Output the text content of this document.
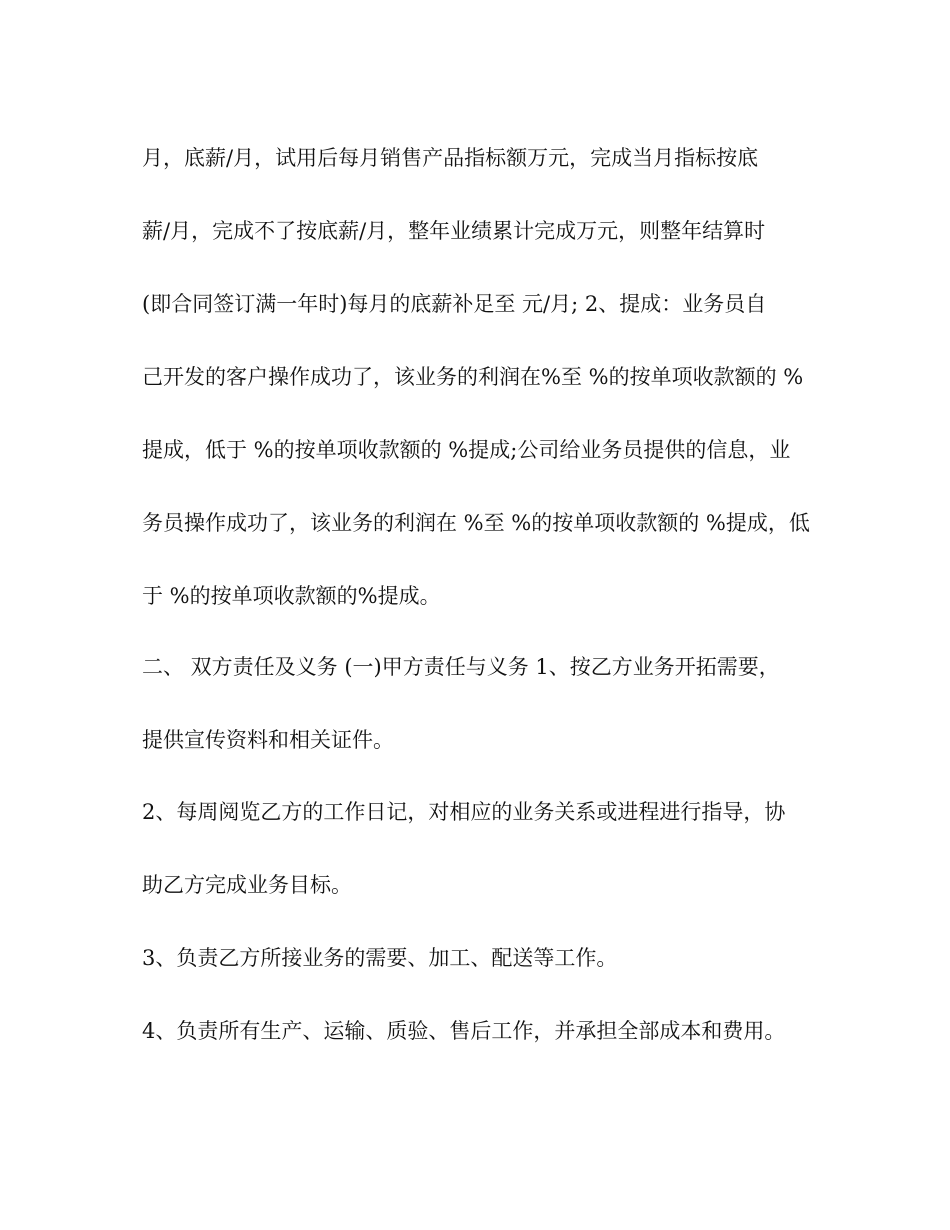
月，底薪/月，试用后每月销售产品指标额万元，完成当月指标按底

薪/月，完成不了按底薪/月，整年业绩累计完成万元，则整年结算时

(即合同签订满一年时)每月的底薪补足至 元/月; 2、提成：业务员自

己开发的客户操作成功了，该业务的利润在%至 %的按单项收款额的 %

提成，低于 %的按单项收款额的 %提成;公司给业务员提供的信息，业

务员操作成功了，该业务的利润在 %至 %的按单项收款额的 %提成，低

于 %的按单项收款额的%提成。

二、 双方责任及义务 (一)甲方责任与义务 1、按乙方业务开拓需要，

提供宣传资料和相关证件。

2、每周阅览乙方的工作日记，对相应的业务关系或进程进行指导，协

助乙方完成业务目标。

3、负责乙方所接业务的需要、加工、配送等工作。

4、负责所有生产、运输、质验、售后工作，并承担全部成本和费用。
